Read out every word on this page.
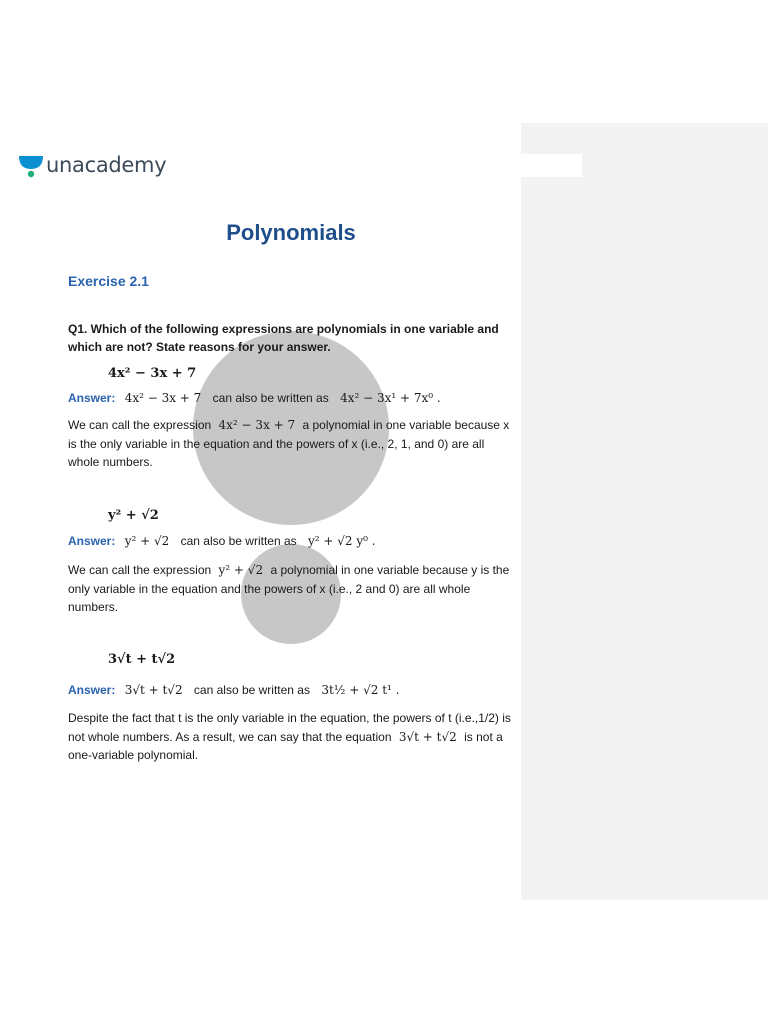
unacademy
Polynomials
Exercise 2.1
Q1. Which of the following expressions are polynomials in one variable and which are not? State reasons for your answer.
4x² − 3x + 7
Answer: 4x² − 3x + 7 can also be written as 4x² − 3x¹ + 7x⁰ .
We can call the expression 4x² − 3x + 7 a polynomial in one variable because x is the only variable in the equation and the powers of x (i.e., 2, 1, and 0) are all whole numbers.
y² + √2
Answer: y² + √2 can also be written as y² + √2 y⁰ .
We can call the expression y² + √2 a polynomial in one variable because y is the only variable in the equation and the powers of x (i.e., 2 and 0) are all whole numbers.
3√t + t√2
Answer: 3√t + t√2 can also be written as 3t½ + √2 t¹ .
Despite the fact that t is the only variable in the equation, the powers of t (i.e.,1/2) is not whole numbers. As a result, we can say that the equation 3√t + t√2 is not a one-variable polynomial.
